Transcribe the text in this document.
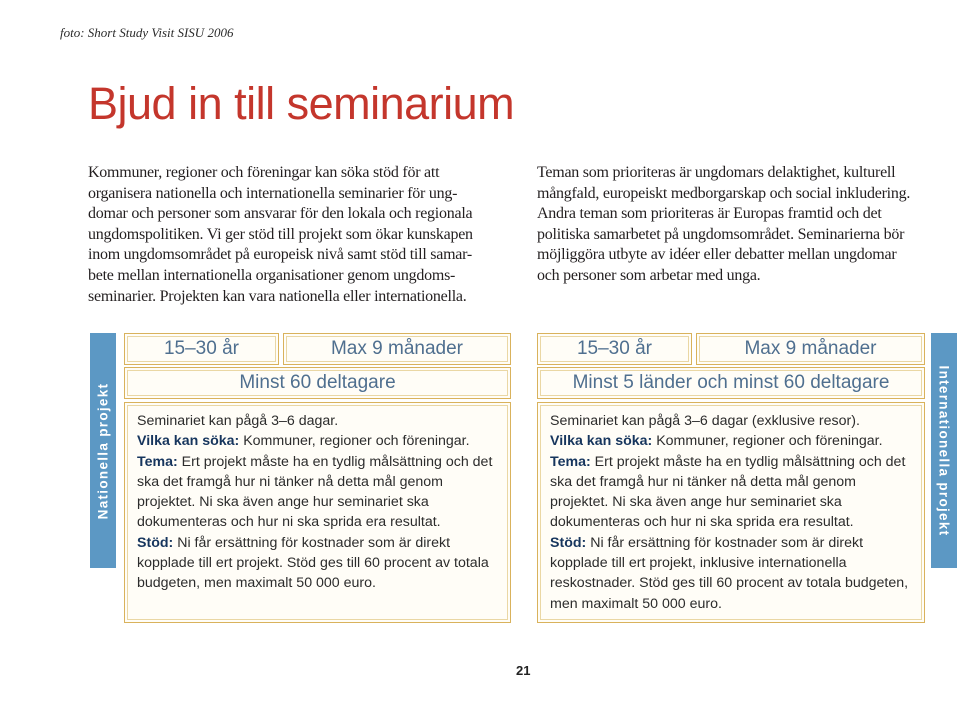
foto: Short Study Visit SISU 2006
Bjud in till seminarium
Kommuner, regioner och föreningar kan söka stöd för att
organisera nationella och internationella seminarier för ung-
domar och personer som ansvarar för den lokala och regionala
ungdomspolitiken. Vi ger stöd till projekt som ökar kunskapen
inom ungdomsområdet på europeisk nivå samt stöd till samar-
bete mellan internationella organisationer genom ungdoms-
seminarier. Projekten kan vara nationella eller internationella.
Teman som prioriteras är ungdomars delaktighet, kulturell
mångfald, europeiskt medborgarskap och social inkludering.
Andra teman som prioriteras är Europas framtid och det
politiska samarbetet på ungdomsområdet. Seminarierna bör
möjliggöra utbyte av idéer eller debatter mellan ungdomar
och personer som arbetar med unga.
Nationella projekt
15–30 år	Max 9 månader
Minst 60 deltagare
Seminariet kan pågå 3–6 dagar.
Vilka kan söka: Kommuner, regioner och föreningar.
Tema: Ert projekt måste ha en tydlig målsättning och det
ska det framgå hur ni tänker nå detta mål genom
projektet. Ni ska även ange hur seminariet ska
dokumenteras och hur ni ska sprida era resultat.
Stöd: Ni får ersättning för kostnader som är direkt
kopplade till ert projekt. Stöd ges till 60 procent av totala
budgeten, men maximalt 50 000 euro.
15–30 år	Max 9 månader
Minst 5 länder och minst 60 deltagare
Seminariet kan pågå 3–6 dagar (exklusive resor).
Vilka kan söka: Kommuner, regioner och föreningar.
Tema: Ert projekt måste ha en tydlig målsättning och det
ska det framgå hur ni tänker nå detta mål genom
projektet. Ni ska även ange hur seminariet ska
dokumenteras och hur ni ska sprida era resultat.
Stöd: Ni får ersättning för kostnader som är direkt
kopplade till ert projekt, inklusive internationella
reskostnader. Stöd ges till 60 procent av totala budgeten,
men maximalt 50 000 euro.
Internationella projekt
21
